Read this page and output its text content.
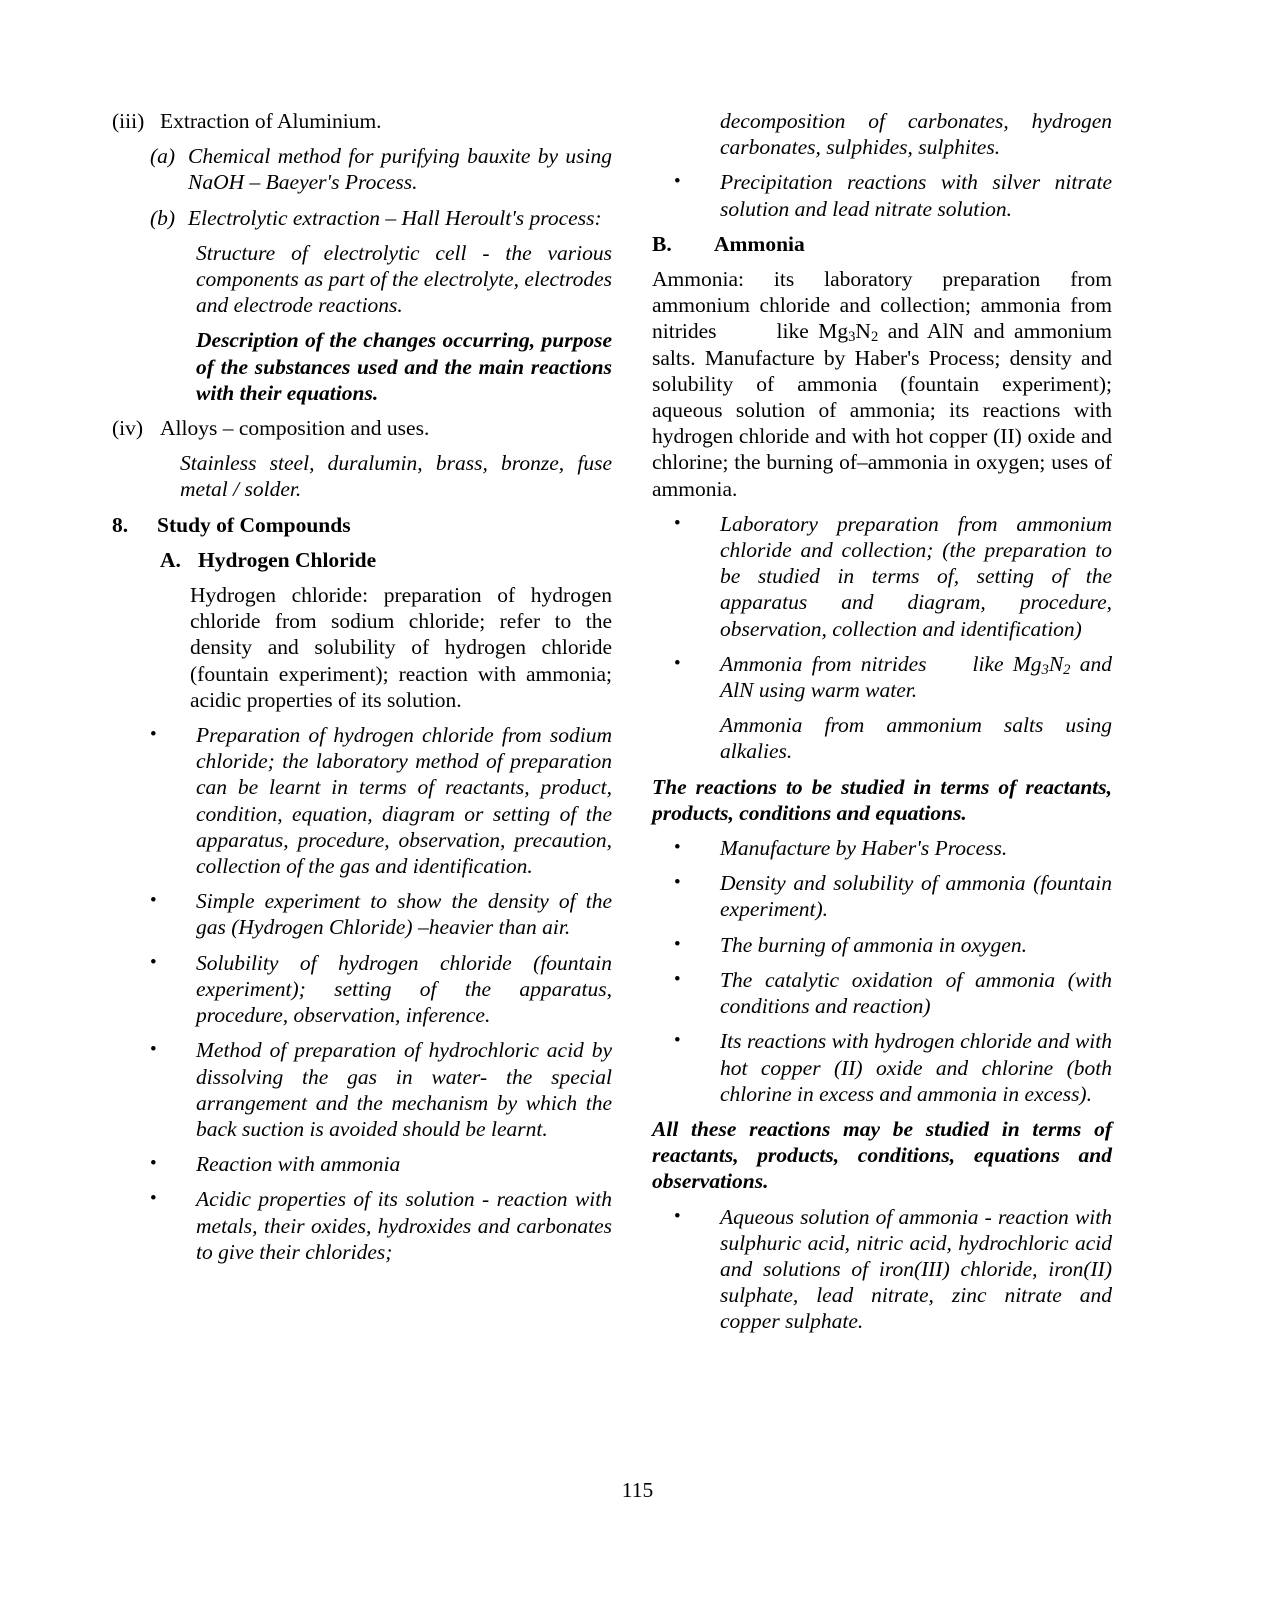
(iii) Extraction of Aluminium.
(a) Chemical method for purifying bauxite by using NaOH – Baeyer's Process.
(b) Electrolytic extraction – Hall Heroult's process:

Structure of electrolytic cell - the various components as part of the electrolyte, electrodes and electrode reactions.

Description of the changes occurring, purpose of the substances used and the main reactions with their equations.

(iv) Alloys – composition and uses.

Stainless steel, duralumin, brass, bronze, fuse metal / solder.

8.	Study of Compounds
A. Hydrogen Chloride

Hydrogen chloride: preparation of hydrogen chloride from sodium chloride; refer to the density and solubility of hydrogen chloride (fountain experiment); reaction with ammonia; acidic properties of its solution.

•	Preparation of hydrogen chloride from sodium chloride; the laboratory method of preparation can be learnt in terms of reactants, product, condition, equation, diagram or setting of the apparatus, procedure, observation, precaution, collection of the gas and identification.
•	Simple experiment to show the density of the gas (Hydrogen Chloride) –heavier than air.
•	Solubility of hydrogen chloride (fountain experiment); setting of the apparatus, procedure, observation, inference.
•	Method of preparation of hydrochloric acid by dissolving the gas in water- the special arrangement and the mechanism by which the back suction is avoided should be learnt.
•	Reaction with ammonia
•	Acidic properties of its solution - reaction with metals, their oxides, hydroxides and carbonates to give their chlorides;

decomposition of carbonates, hydrogen carbonates, sulphides, sulphites.

•	Precipitation reactions with silver nitrate solution and lead nitrate solution.
B.	Ammonia

Ammonia: its laboratory preparation from ammonium chloride and collection; ammonia from nitrides	like $Mg_3N_2$ and AlN and ammonium salts. Manufacture by Haber's Process; density and solubility of ammonia (fountain experiment); aqueous solution of ammonia; its reactions with hydrogen chloride and with hot copper (II) oxide and chlorine; the burning of–ammonia in oxygen; uses of ammonia.

•	Laboratory preparation from ammonium chloride and collection; (the preparation to be studied in terms of, setting of the apparatus and diagram, procedure, observation, collection and identification)
•	Ammonia from nitrides like $Mg_3N_2$ and AlN using warm water.

Ammonia from ammonium salts using alkalies.

The reactions to be studied in terms of reactants, products, conditions and equations.

•	Manufacture by Haber's Process.
•	Density and solubility of ammonia (fountain experiment).
•	The burning of ammonia in oxygen.
•	The catalytic oxidation of ammonia (with conditions and reaction)
•	Its reactions with hydrogen chloride and with hot copper (II) oxide and chlorine (both chlorine in excess and ammonia in excess).

All these reactions may be studied in terms of reactants, products, conditions, equations and observations.

•	Aqueous solution of ammonia - reaction with sulphuric acid, nitric acid, hydrochloric acid and solutions of iron(III) chloride, iron(II) sulphate, lead nitrate, zinc nitrate and copper sulphate.
115
